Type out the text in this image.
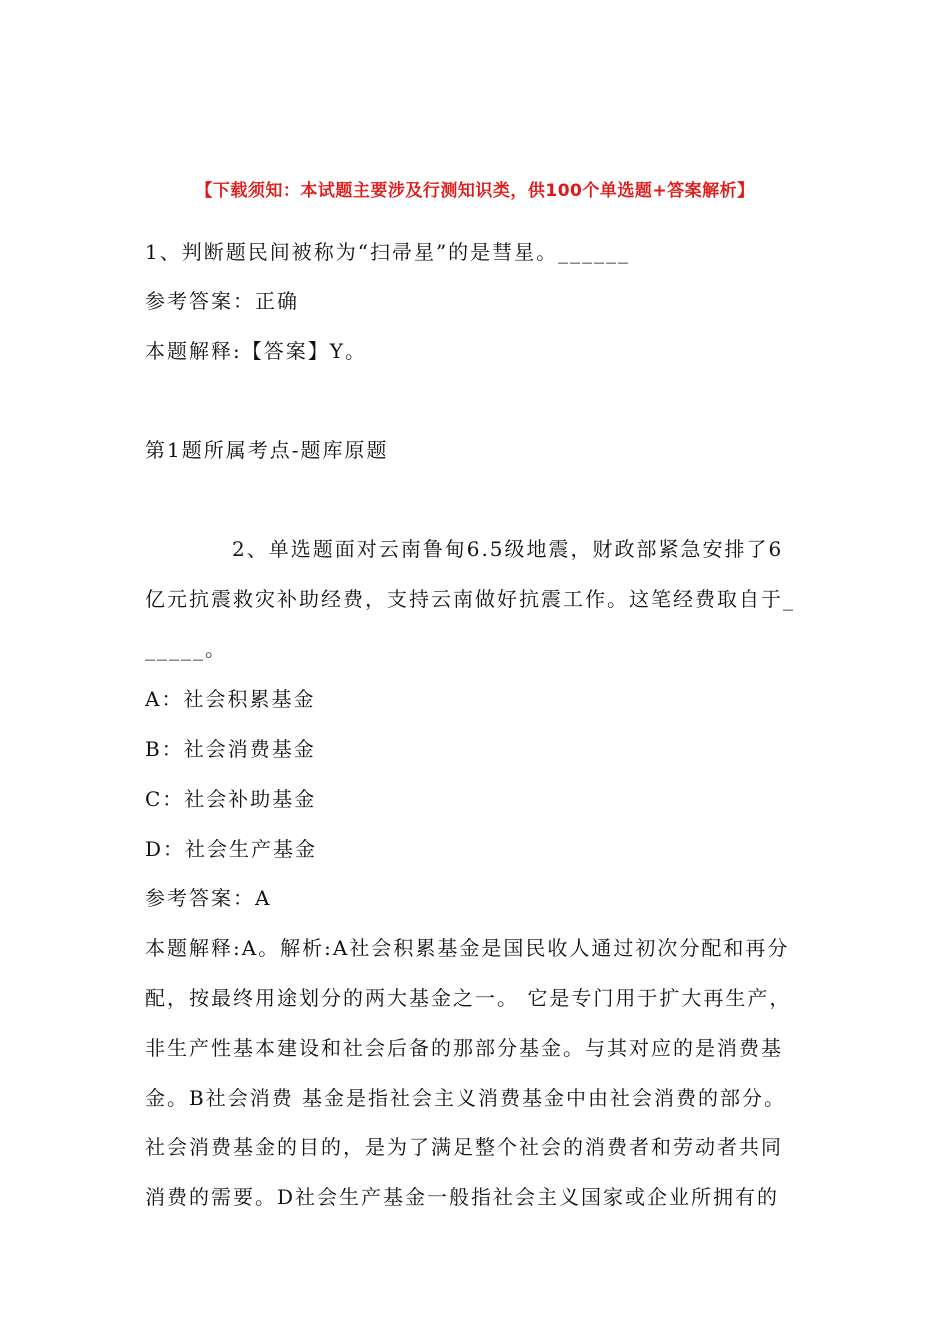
【下载须知：本试题主要涉及行测知识类，供100个单选题+答案解析】
1、判断题民间被称为“扫帚星”的是彗星。______
参考答案：正确
本题解释:【答案】Y。
第1题所属考点-题库原题
2、单选题面对云南鲁甸6.5级地震，财政部紧急安排了6
亿元抗震救灾补助经费，支持云南做好抗震工作。这笔经费取自于_
_____。
A：社会积累基金
B：社会消费基金
C：社会补助基金
D：社会生产基金
参考答案：A
本题解释:A。解析:A社会积累基金是国民收人通过初次分配和再分
配，按最终用途划分的两大基金之一。 它是专门用于扩大再生产，
非生产性基本建设和社会后备的那部分基金。与其对应的是消费基
金。B社会消费 基金是指社会主义消费基金中由社会消费的部分。
社会消费基金的目的，是为了满足整个社会的消费者和劳动者共同
消费的需要。D社会生产基金一般指社会主义国家或企业所拥有的
